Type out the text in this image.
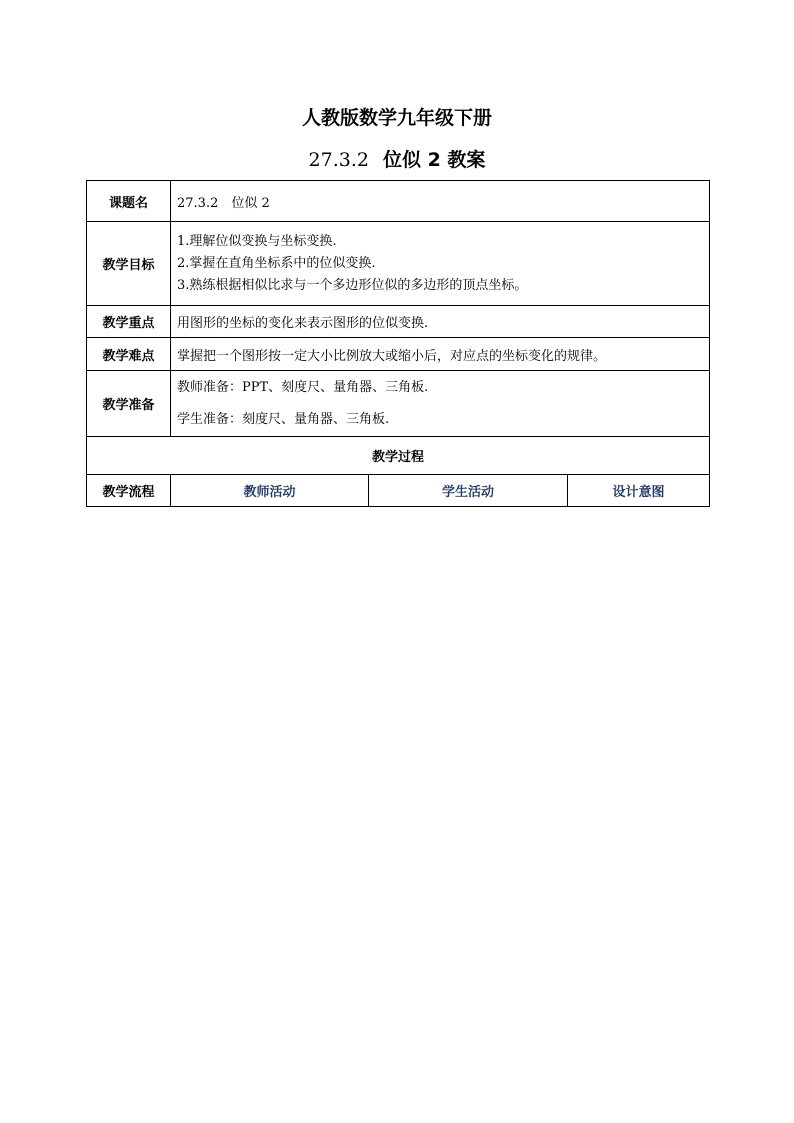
人教版数学九年级下册
27.3.2 位似 2 教案
课题名	27.3.2　位似 2		
教学目标	1.理解位似变换与坐标变换.
2.掌握在直角坐标系中的位似变换.
3.熟练根据相似比求与一个多边形位似的多边形的顶点坐标。		

教学重点	用图形的坐标的变化来表示图形的位似变换.		
教学难点	掌握把一个图形按一定大小比例放大或缩小后，对应点的坐标变化的规律。		
教学准备	教师准备：PPT、刻度尺、量角器、三角板.
学生准备：刻度尺、量角器、三角板.		

教学过程			
教学流程	教师活动	学生活动	设计意图
